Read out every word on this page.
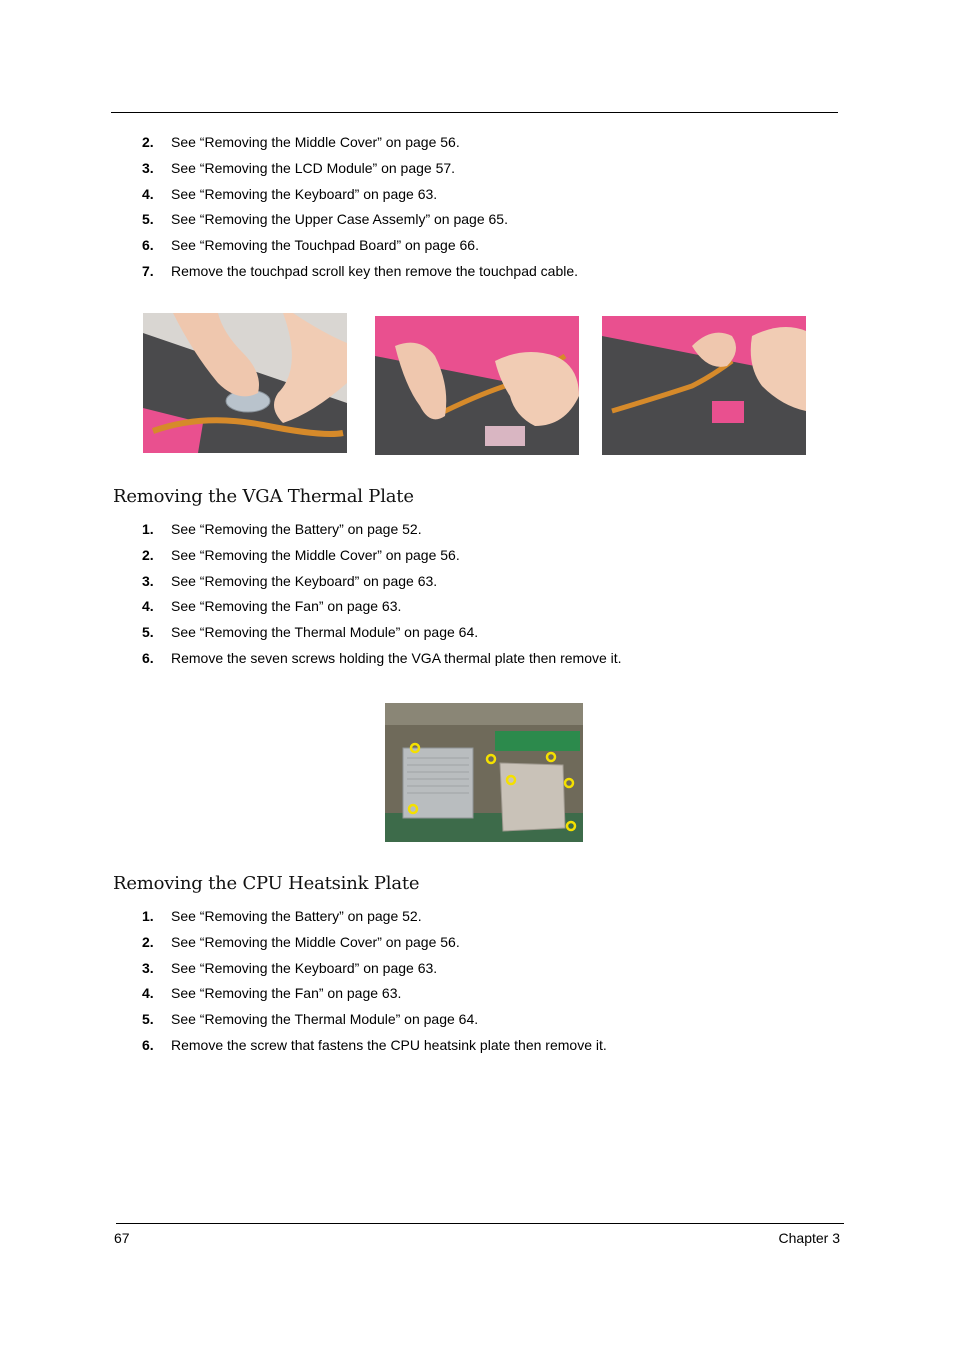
2. See “Removing the Middle Cover” on page 56.
3. See “Removing the LCD Module” on page 57.
4. See “Removing the Keyboard” on page 63.
5. See “Removing the Upper Case Assemly” on page 65.
6. See “Removing the Touchpad Board” on page 66.
7. Remove the touchpad scroll key then remove the touchpad cable.
Removing the VGA Thermal Plate
1. See “Removing the Battery” on page 52.
2. See “Removing the Middle Cover” on page 56.
3. See “Removing the Keyboard” on page 63.
4. See “Removing the Fan” on page 63.
5. See “Removing the Thermal Module” on page 64.
6. Remove the seven screws holding the VGA thermal plate then remove it.
Removing the CPU Heatsink Plate
1. See “Removing the Battery” on page 52.
2. See “Removing the Middle Cover” on page 56.
3. See “Removing the Keyboard” on page 63.
4. See “Removing the Fan” on page 63.
5. See “Removing the Thermal Module” on page 64.
6. Remove the screw that fastens the CPU heatsink plate then remove it.
67	Chapter 3
